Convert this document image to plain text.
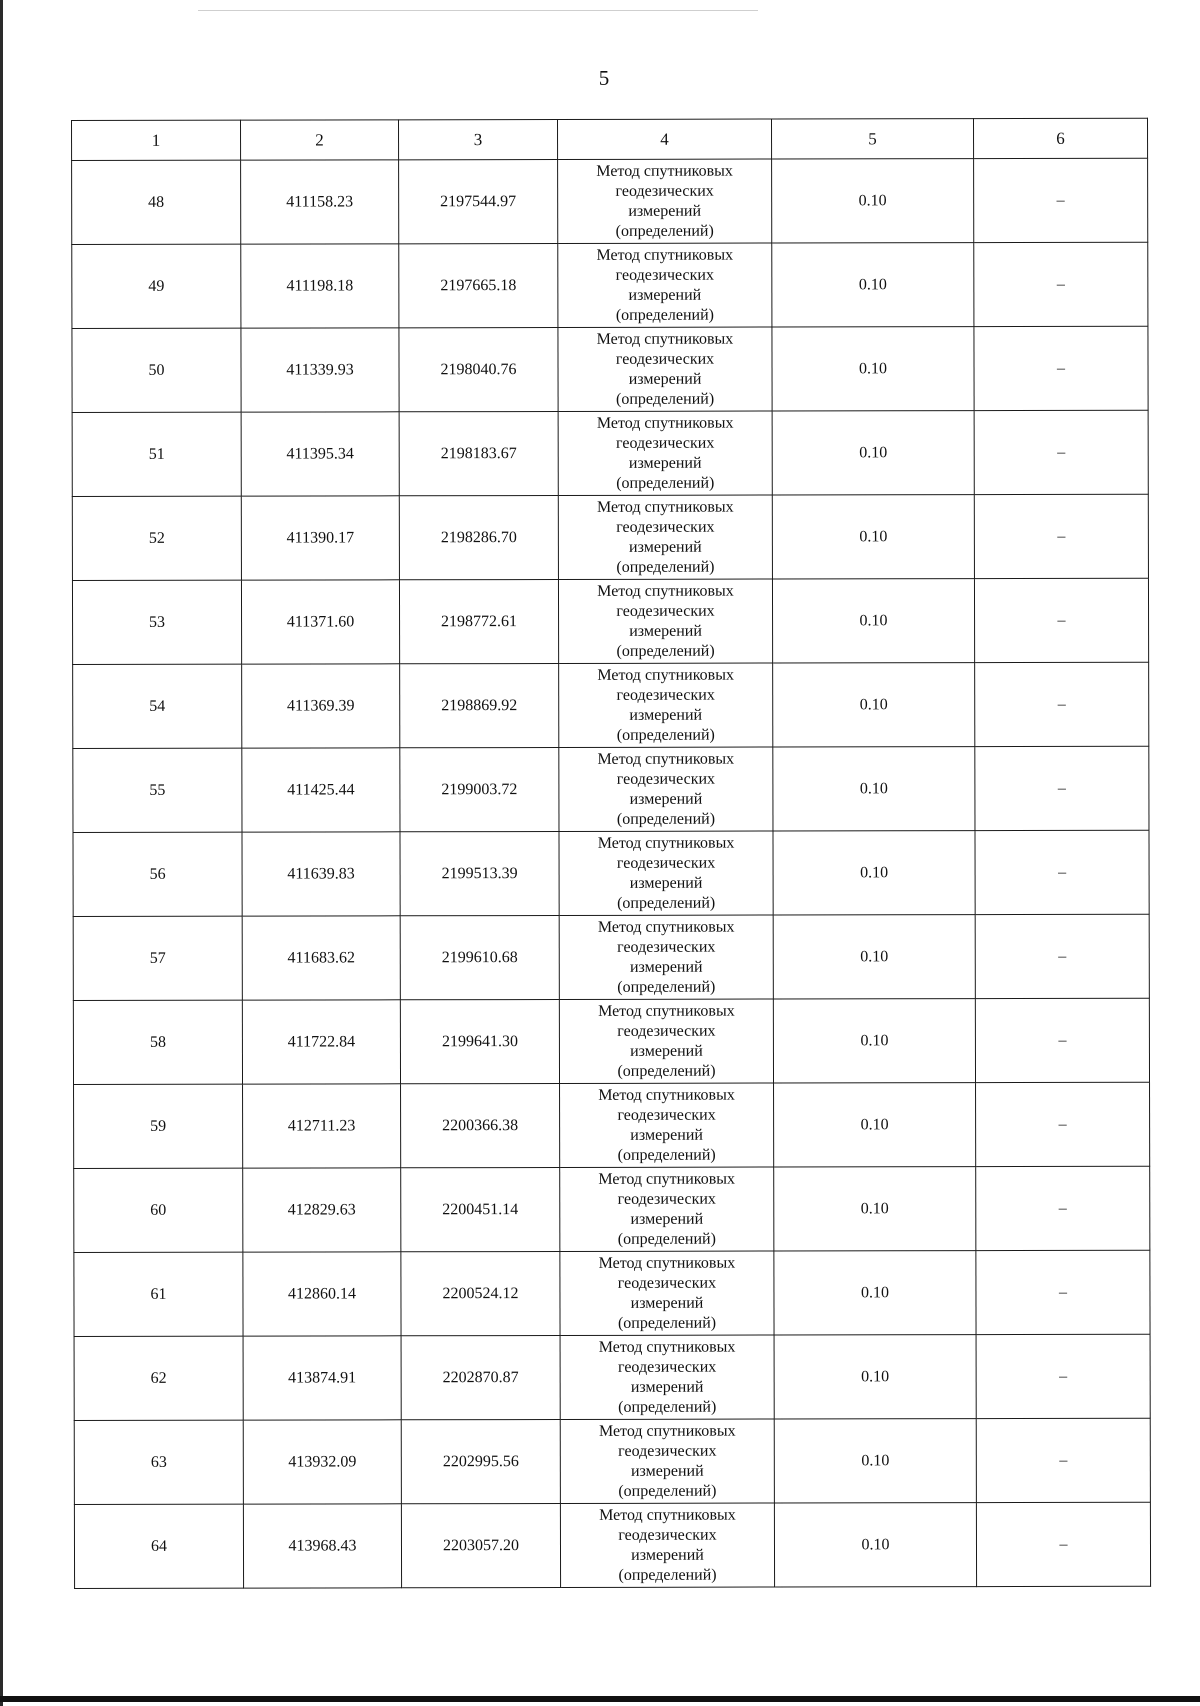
5
1	2	3	4	5	6
48	411158.23	2197544.97	Метод спутниковых
геодезических
измерений
(определений)	0.10	–
49	411198.18	2197665.18	Метод спутниковых
геодезических
измерений
(определений)	0.10	–
50	411339.93	2198040.76	Метод спутниковых
геодезических
измерений
(определений)	0.10	–
51	411395.34	2198183.67	Метод спутниковых
геодезических
измерений
(определений)	0.10	–
52	411390.17	2198286.70	Метод спутниковых
геодезических
измерений
(определений)	0.10	–
53	411371.60	2198772.61	Метод спутниковых
геодезических
измерений
(определений)	0.10	–
54	411369.39	2198869.92	Метод спутниковых
геодезических
измерений
(определений)	0.10	–
55	411425.44	2199003.72	Метод спутниковых
геодезических
измерений
(определений)	0.10	–
56	411639.83	2199513.39	Метод спутниковых
геодезических
измерений
(определений)	0.10	–
57	411683.62	2199610.68	Метод спутниковых
геодезических
измерений
(определений)	0.10	–
58	411722.84	2199641.30	Метод спутниковых
геодезических
измерений
(определений)	0.10	–
59	412711.23	2200366.38	Метод спутниковых
геодезических
измерений
(определений)	0.10	–
60	412829.63	2200451.14	Метод спутниковых
геодезических
измерений
(определений)	0.10	–
61	412860.14	2200524.12	Метод спутниковых
геодезических
измерений
(определений)	0.10	–
62	413874.91	2202870.87	Метод спутниковых
геодезических
измерений
(определений)	0.10	–
63	413932.09	2202995.56	Метод спутниковых
геодезических
измерений
(определений)	0.10	–
64	413968.43	2203057.20	Метод спутниковых
геодезических
измерений
(определений)	0.10	–
